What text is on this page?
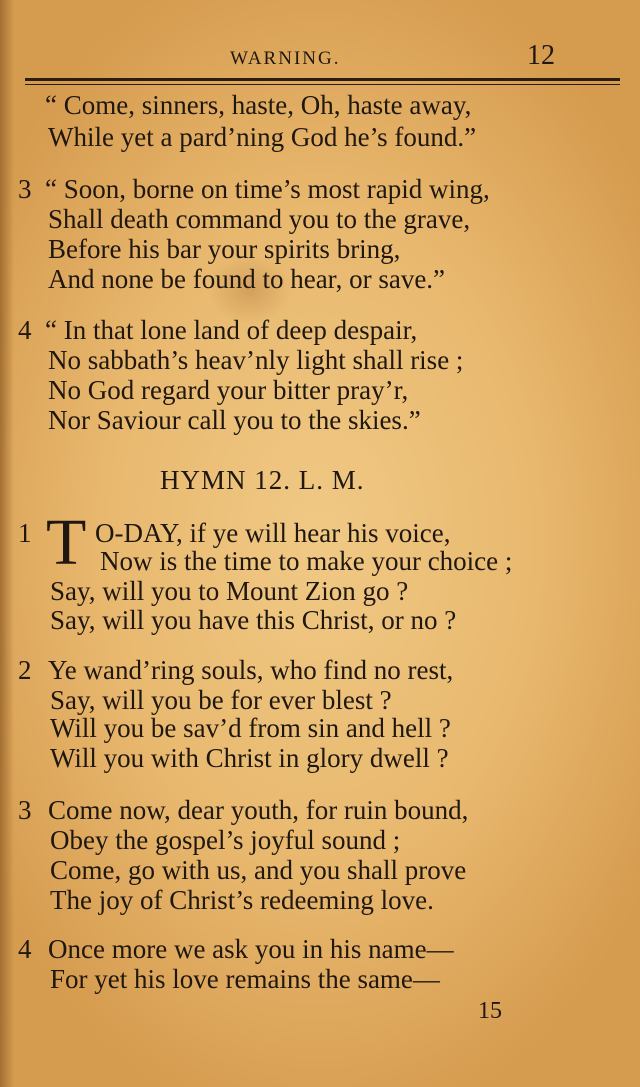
WARNING.	12
“ Come, sinners, haste, Oh, haste away,
While yet a pard’ning God he’s found.”
3 “ Soon, borne on time’s most rapid wing,
Shall death command you to the grave,
Before his bar your spirits bring,
And none be found to hear, or save.”
4 “ In that lone land of deep despair,
No sabbath’s heav’nly light shall rise ;
No God regard your bitter pray’r,
Nor Saviour call you to the skies.”
HYMN 12. L. M.
1 T O-DAY, if ye will hear his voice,
Now is the time to make your choice ;
Say, will you to Mount Zion go ?
Say, will you have this Christ, or no ?
2 Ye wand’ring souls, who find no rest,
Say, will you be for ever blest ?
Will you be sav’d from sin and hell ?
Will you with Christ in glory dwell ?
3 Come now, dear youth, for ruin bound,
Obey the gospel’s joyful sound ;
Come, go with us, and you shall prove
The joy of Christ’s redeeming love.
4 Once more we ask you in his name—
For yet his love remains the same—
15
